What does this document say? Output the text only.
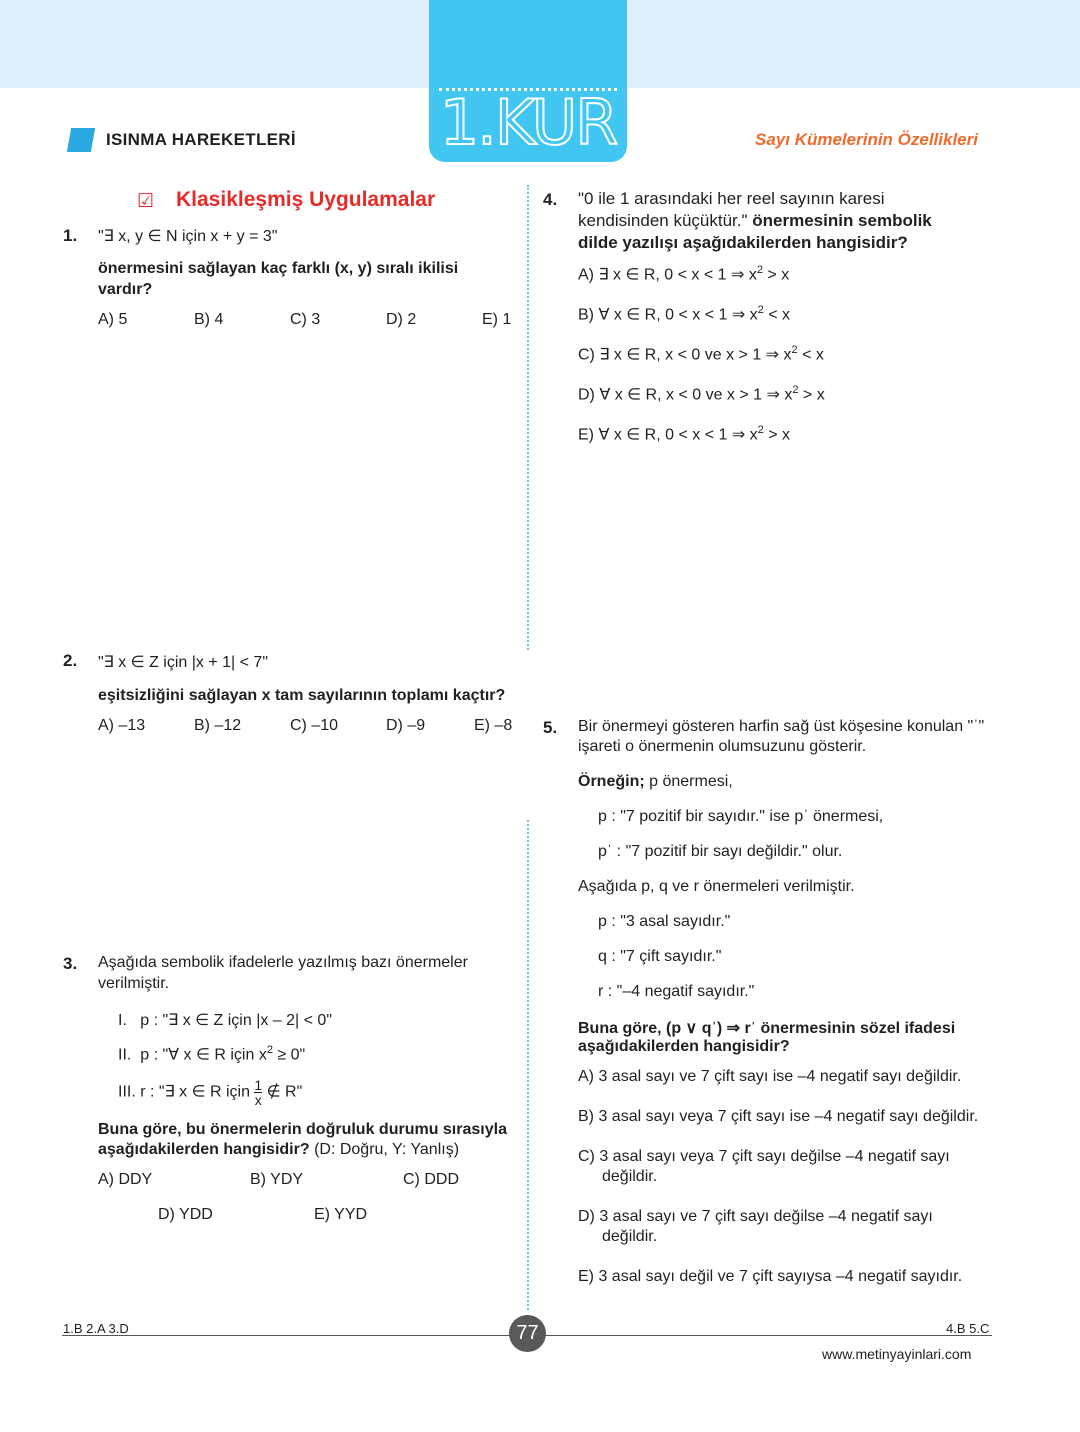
1.KUR
ISINMA HAREKETLERİ	Sayı Kümelerinin Özellikleri
☑ Klasikleşmiş Uygulamalar
1. "∃ x, y ∈ N için x + y = 3"
önermesini sağlayan kaç farklı (x, y) sıralı ikilisi
vardır?
A) 5	B) 4	C) 3	D) 2	E) 1
2. "∃ x ∈ Z için |x + 1| < 7"
eşitsizliğini sağlayan x tam sayılarının toplamı kaçtır?
A) –13	B) –12	C) –10	D) –9	E) –8
3. Aşağıda sembolik ifadelerle yazılmış bazı önermeler
verilmiştir.
I.   p : "∃ x ∈ Z için |x – 2| < 0"
II.  p : "∀ x ∈ R için $x^2 \ge 0$"
III. r : "∃ x ∈ R için $\frac{1}{x}$ ∉ R"
Buna göre, bu önermelerin doğruluk durumu sırasıyla
aşağıdakilerden hangisidir? (D: Doğru, Y: Yanlış)
A) DDY	B) YDY	C) DDD
D) YDD	E) YYD
4. "0 ile 1 arasındaki her reel sayının karesi
kendisinden küçüktür." önermesinin sembolik
dilde yazılışı aşağıdakilerden hangisidir?
A) ∃ x ∈ R, 0 < x < 1 ⇒ $x^2 > x$
B) ∀ x ∈ R, 0 < x < 1 ⇒ $x^2 < x$
C) ∃ x ∈ R, x < 0 ve x > 1 ⇒ $x^2 < x$
D) ∀ x ∈ R, x < 0 ve x > 1 ⇒ $x^2 > x$
E) ∀ x ∈ R, 0 < x < 1 ⇒ $x^2 > x$
5. Bir önermeyi gösteren harfin sağ üst köşesine konulan "ˈ"
işareti o önermenin olumsuzunu gösterir.
Örneğin; p önermesi,
p : "7 pozitif bir sayıdır." ise pˈ önermesi,
pˈ : "7 pozitif bir sayı değildir." olur.
Aşağıda p, q ve r önermeleri verilmiştir.
p : "3 asal sayıdır."
q : "7 çift sayıdır."
r : "–4 negatif sayıdır."
Buna göre, (p ∨ qˈ) ⇒ rˈ önermesinin sözel ifadesi
aşağıdakilerden hangisidir?
A) 3 asal sayı ve 7 çift sayı ise –4 negatif sayı değildir.
B) 3 asal sayı veya 7 çift sayı ise –4 negatif sayı değildir.
C) 3 asal sayı veya 7 çift sayı değilse –4 negatif sayı
değildir.
D) 3 asal sayı ve 7 çift sayı değilse –4 negatif sayı
değildir.
E) 3 asal sayı değil ve 7 çift sayıysa –4 negatif sayıdır.
1.B 2.A 3.D	77	4.B 5.C
www.metinyayinlari.com
